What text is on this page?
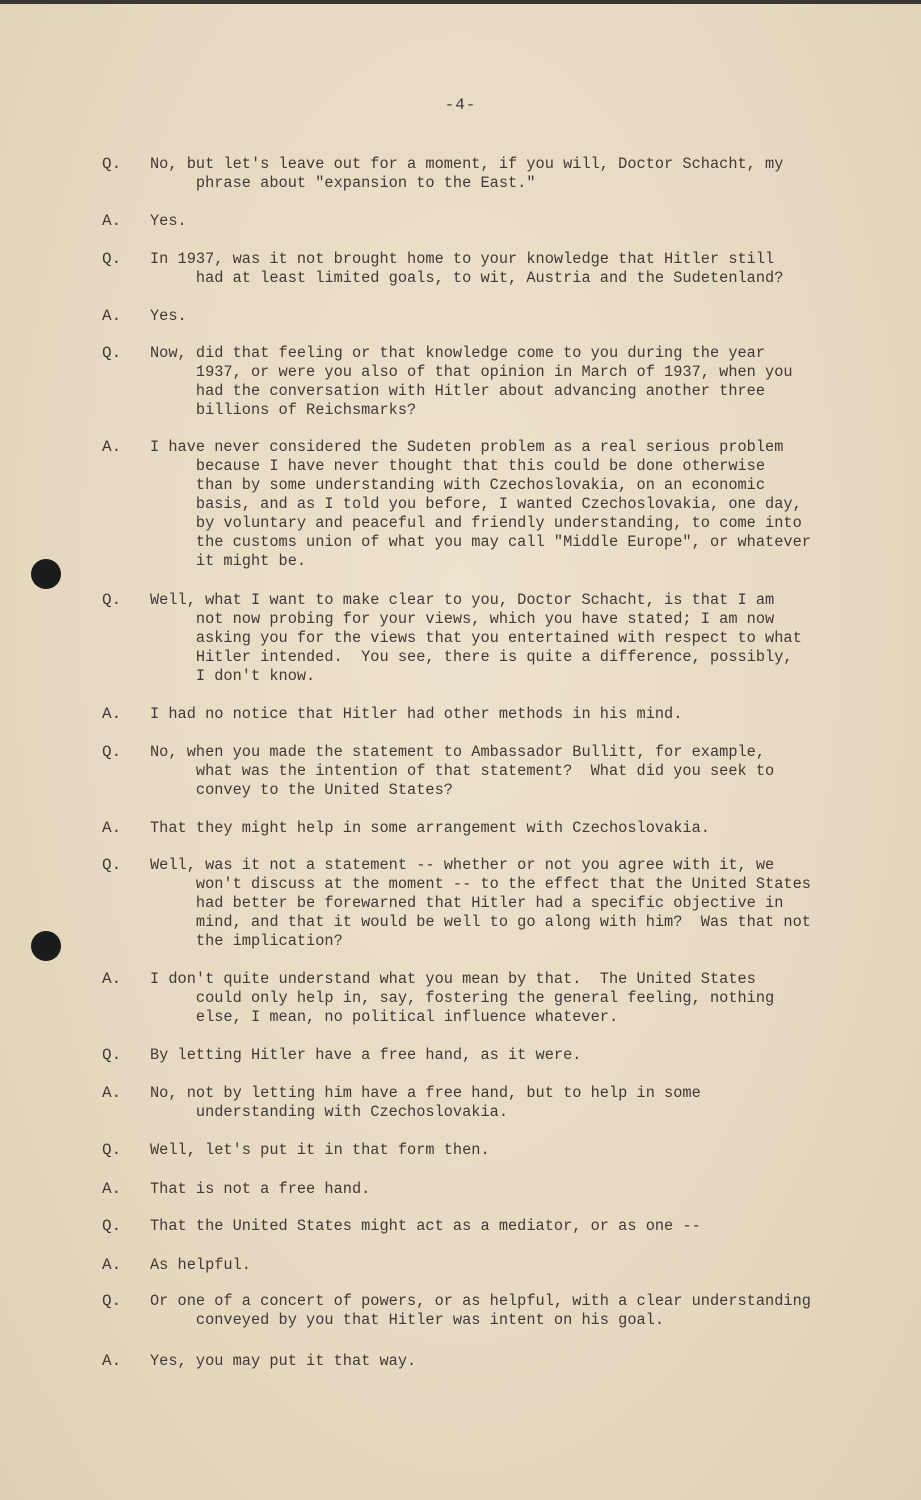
-4-
Q. No, but let's leave out for a moment, if you will, Doctor Schacht, my
phrase about "expansion to the East."
A. Yes.
Q. In 1937, was it not brought home to your knowledge that Hitler still
had at least limited goals, to wit, Austria and the Sudetenland?
A. Yes.
Q. Now, did that feeling or that knowledge come to you during the year
1937, or were you also of that opinion in March of 1937, when you
had the conversation with Hitler about advancing another three
billions of Reichsmarks?
A. I have never considered the Sudeten problem as a real serious problem
because I have never thought that this could be done otherwise
than by some understanding with Czechoslovakia, on an economic
basis, and as I told you before, I wanted Czechoslovakia, one day,
by voluntary and peaceful and friendly understanding, to come into
the customs union of what you may call "Middle Europe", or whatever
it might be.
Q. Well, what I want to make clear to you, Doctor Schacht, is that I am
not now probing for your views, which you have stated; I am now
asking you for the views that you entertained with respect to what
Hitler intended.  You see, there is quite a difference, possibly,
I don't know.
A. I had no notice that Hitler had other methods in his mind.
Q. No, when you made the statement to Ambassador Bullitt, for example,
what was the intention of that statement?  What did you seek to
convey to the United States?
A. That they might help in some arrangement with Czechoslovakia.
Q. Well, was it not a statement -- whether or not you agree with it, we
won't discuss at the moment -- to the effect that the United States
had better be forewarned that Hitler had a specific objective in
mind, and that it would be well to go along with him?  Was that not
the implication?
A. I don't quite understand what you mean by that.  The United States
could only help in, say, fostering the general feeling, nothing
else, I mean, no political influence whatever.
Q. By letting Hitler have a free hand, as it were.
A. No, not by letting him have a free hand, but to help in some
understanding with Czechoslovakia.
Q. Well, let's put it in that form then.
A. That is not a free hand.
Q. That the United States might act as a mediator, or as one --
A. As helpful.
Q. Or one of a concert of powers, or as helpful, with a clear understanding
conveyed by you that Hitler was intent on his goal.
A. Yes, you may put it that way.
